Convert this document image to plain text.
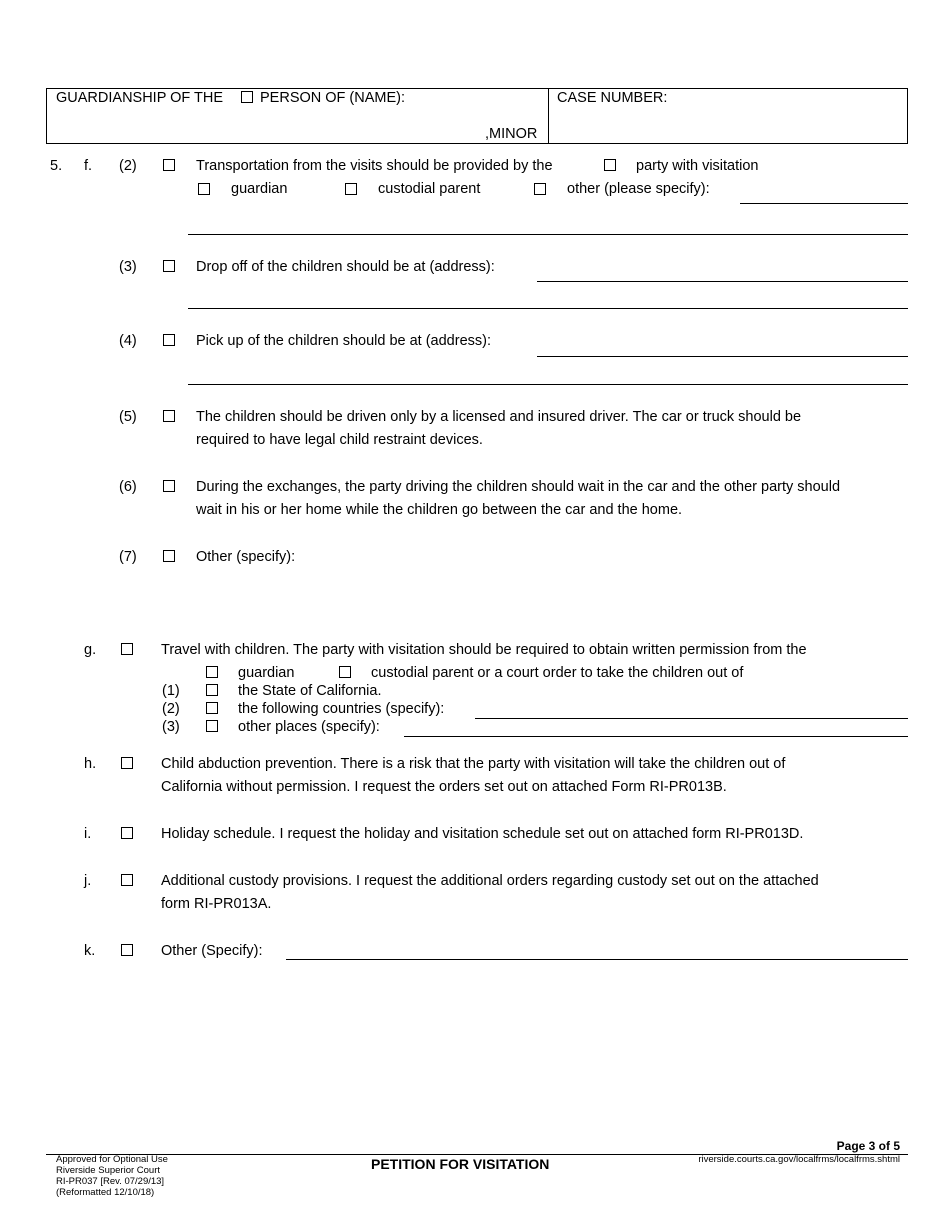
GUARDIANSHIP OF THE	PERSON OF (NAME):
,MINOR
CASE NUMBER:
5. f. (2)	Transportation from the visits should be provided by the	party with visitation
guardian	custodial parent	other (please specify):
(3)	Drop off of the children should be at (address):
(4)	Pick up of the children should be at (address):
(5)	The children should be driven only by a licensed and insured driver. The car or truck should be
required to have legal child restraint devices.
(6)	During the exchanges, the party driving the children should wait in the car and the other party should
wait in his or her home while the children go between the car and the home.
(7)	Other (specify):
g.	Travel with children. The party with visitation should be required to obtain written permission from the
guardian	custodial parent or a court order to take the children out of
(1)	the State of California.
(2)	the following countries (specify):
(3)	other places (specify):
h.	Child abduction prevention. There is a risk that the party with visitation will take the children out of
California without permission. I request the orders set out on attached Form RI-PR013B.
i.	Holiday schedule. I request the holiday and visitation schedule set out on attached form RI-PR013D.
j.	Additional custody provisions. I request the additional orders regarding custody set out on the attached
form RI-PR013A.
k.	Other (Specify):
Page 3 of 5
Approved for Optional Use
Riverside Superior Court
RI-PR037 [Rev. 07/29/13]
(Reformatted 12/10/18)
PETITION FOR VISITATION	riverside.courts.ca.gov/localfrms/localfrms.shtml
